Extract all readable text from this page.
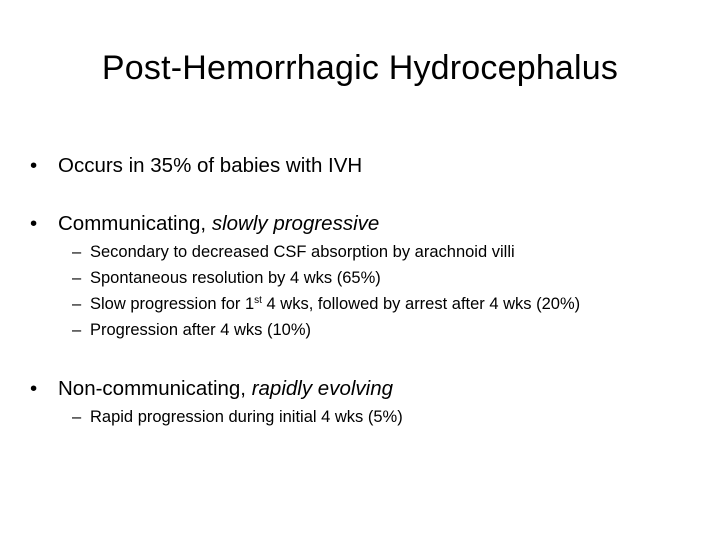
Post-Hemorrhagic Hydrocephalus
• Occurs in 35% of babies with IVH
• Communicating, slowly progressive
– Secondary to decreased CSF absorption by arachnoid villi
– Spontaneous resolution by 4 wks (65%)
– Slow progression for 1st 4 wks, followed by arrest after 4 wks (20%)
– Progression after 4 wks (10%)
• Non-communicating, rapidly evolving
– Rapid progression during initial 4 wks (5%)
